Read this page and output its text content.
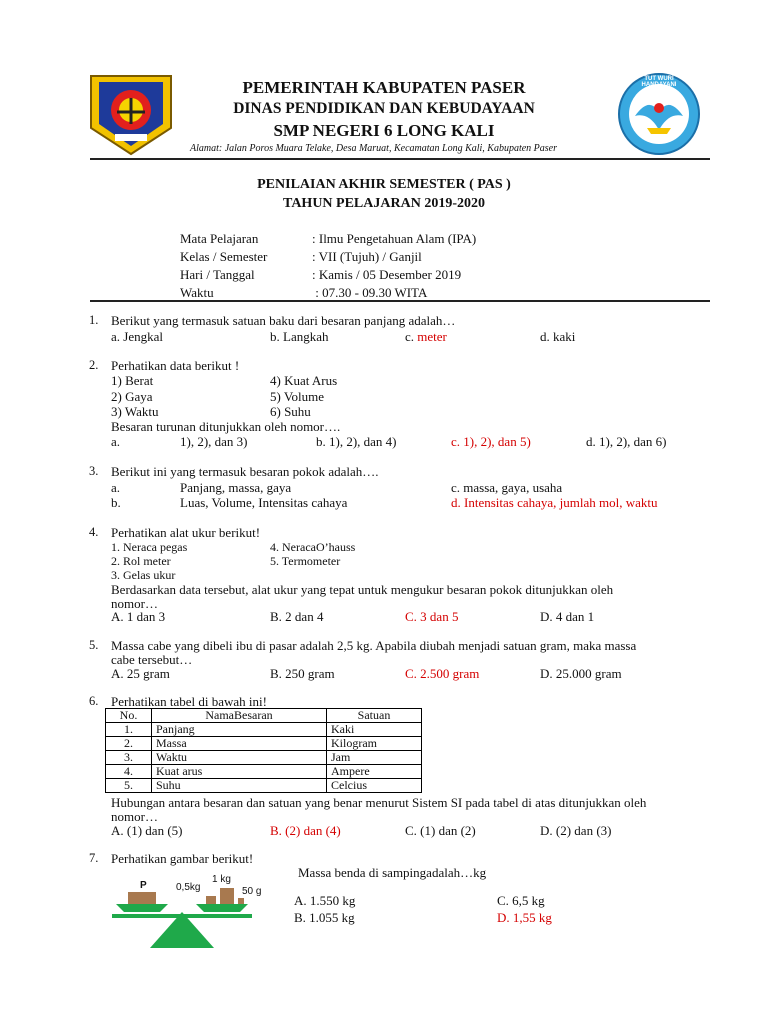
TUT WURI HANDAYANI
PEMERINTAH KABUPATEN PASER
DINAS PENDIDIKAN DAN KEBUDAYAAN
SMP NEGERI 6 LONG KALI
Alamat: Jalan Poros Muara Telake, Desa Maruat, Kecamatan Long Kali, Kabupaten Paser
PENILAIAN AKHIR SEMESTER ( PAS )
TAHUN PELAJARAN 2019-2020
Mata Pelajaran	: Ilmu Pengetahuan Alam (IPA)
Kelas / Semester	: VII (Tujuh) / Ganjil
Hari / Tanggal	: Kamis / 05 Desember 2019
Waktu	: 07.30 - 09.30 WITA
1. Berikut yang termasuk satuan baku dari besaran panjang adalah…
a. Jengkal	b. Langkah	c. meter	d. kaki
2. Perhatikan data berikut !
1) Berat	4) Kuat Arus
2) Gaya	5) Volume
3) Waktu	6) Suhu
Besaran turunan ditunjukkan oleh nomor….
a.	1), 2), dan 3)	b. 1), 2), dan 4)	c. 1), 2), dan 5)	d. 1), 2), dan 6)
3. Berikut ini yang termasuk besaran pokok adalah….
a.	Panjang, massa, gaya	c. massa, gaya, usaha
b.	Luas, Volume, Intensitas cahaya	d. Intensitas cahaya, jumlah mol, waktu
4. Perhatikan alat ukur berikut!
1. Neraca pegas	4. NeracaO’hauss
2. Rol meter	5. Termometer
3. Gelas ukur
Berdasarkan data tersebut, alat ukur yang tepat untuk mengukur besaran pokok ditunjukkan oleh
nomor…
A. 1 dan 3	B. 2 dan 4	C. 3 dan 5	D. 4 dan 1
5. Massa cabe yang dibeli ibu di pasar adalah 2,5 kg. Apabila diubah menjadi satuan gram, maka massa
cabe tersebut…
A. 25 gram	B. 250 gram	C. 2.500 gram	D. 25.000 gram
6. Perhatikan tabel di bawah ini!
No.	NamaBesaran	Satuan
1.	Panjang	Kaki
2.	Massa	Kilogram
3.	Waktu	Jam
4.	Kuat arus	Ampere
5.	Suhu	Celcius
Hubungan antara besaran dan satuan yang benar menurut Sistem SI pada tabel di atas ditunjukkan oleh
nomor…
A. (1) dan (5)	B. (2) dan (4)	C. (1) dan (2)	D. (2) dan (3)
7. Perhatikan gambar berikut!
Massa benda di sampingadalah…kg
P	0,5kg
1 kg
50 g
A. 1.550 kg	C. 6,5 kg
B. 1.055 kg	D. 1,55 kg
